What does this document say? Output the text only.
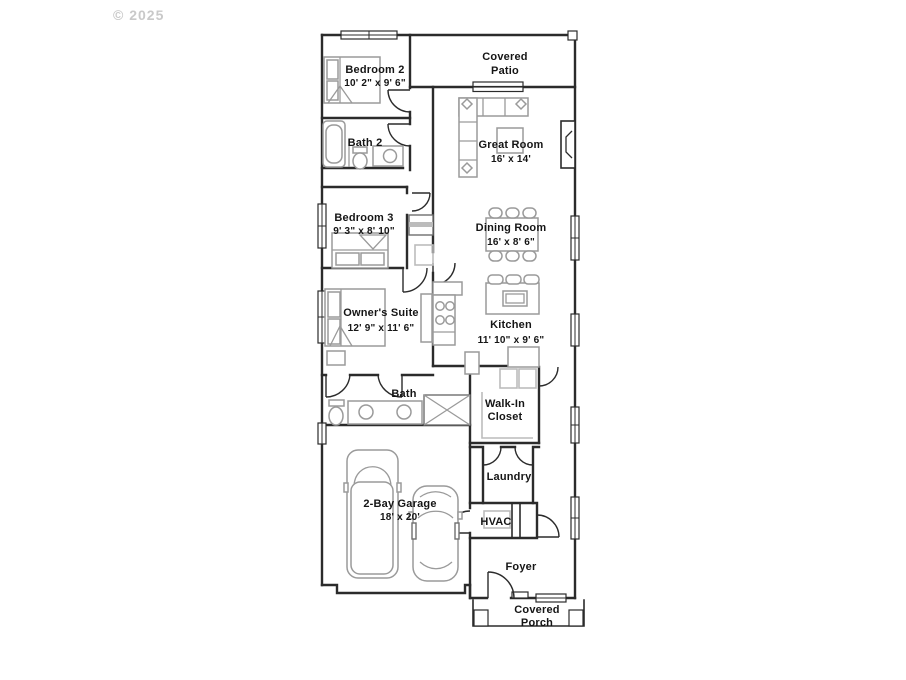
© 2025
Bedroom 2
10' 2" x 9' 6"
Covered
Patio
Bath 2	Great Room
16' x 14'
Bedroom 3
9' 3" x 8' 10"	Dining Room
16' x 8' 6"
Owner's Suite
12' 9" x 11' 6"	Kitchen
11' 10" x 9' 6"
Bath
Walk-In
Closet
Laundry
2-Bay Garage
18' x 20'	HVAC
Foyer
Covered
Porch
